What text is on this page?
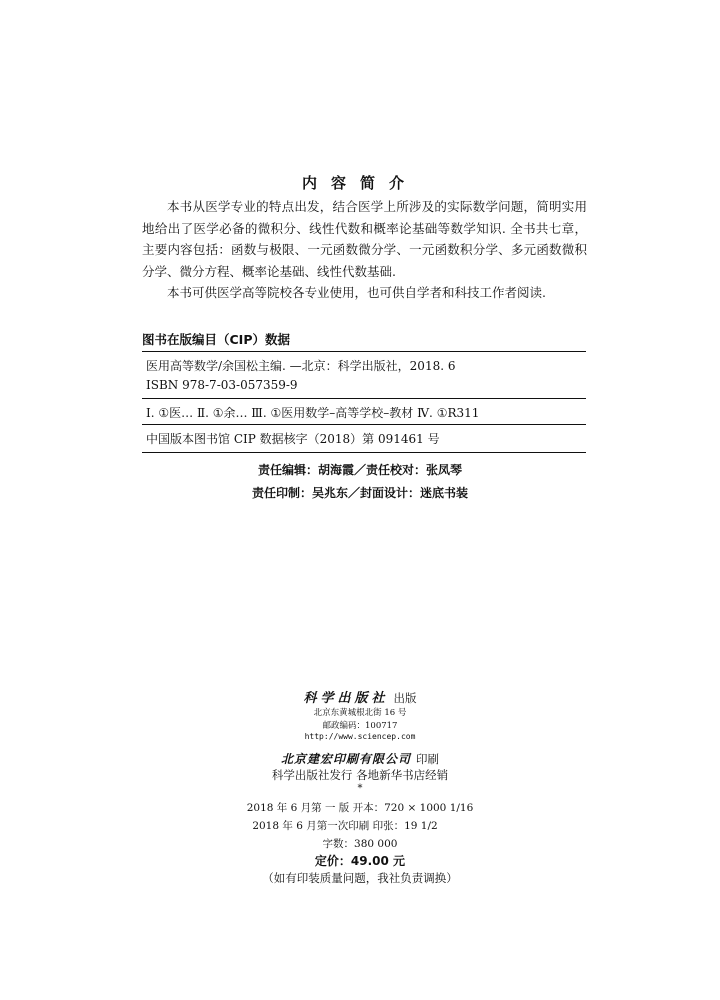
内容简介

本书从医学专业的特点出发，结合医学上所涉及的实际数学问题，简明实用地给出了医学必备的微积分、线性代数和概率论基础等数学知识. 全书共七章，主要内容包括：函数与极限、一元函数微分学、一元函数积分学、多元函数微积分学、微分方程、概率论基础、线性代数基础.

本书可供医学高等院校各专业使用，也可供自学者和科技工作者阅读.

图书在版编目（CIP）数据
医用高等数学/余国松主编. —北京：科学出版社，2018. 6
ISBN 978-7-03-057359-9
Ⅰ. ①医… Ⅱ. ①余… Ⅲ. ①医用数学–高等学校–教材 Ⅳ. ①R311
中国版本图书馆 CIP 数据核字（2018）第 091461 号
责任编辑：胡海霞／责任校对：张凤琴
责任印制：吴兆东／封面设计：迷底书装
科学出版社 出版
北京东黄城根北街 16 号
邮政编码：100717
http://www.sciencep.com
北京建宏印刷有限公司 印刷
科学出版社发行 各地新华书店经销
*
2018 年 6 月第 一 版 开本：720 × 1000 1/16
2018 年 6 月第一次印刷 印张：19 1/2
字数：380 000
定价：49.00 元
（如有印装质量问题，我社负责调换）
